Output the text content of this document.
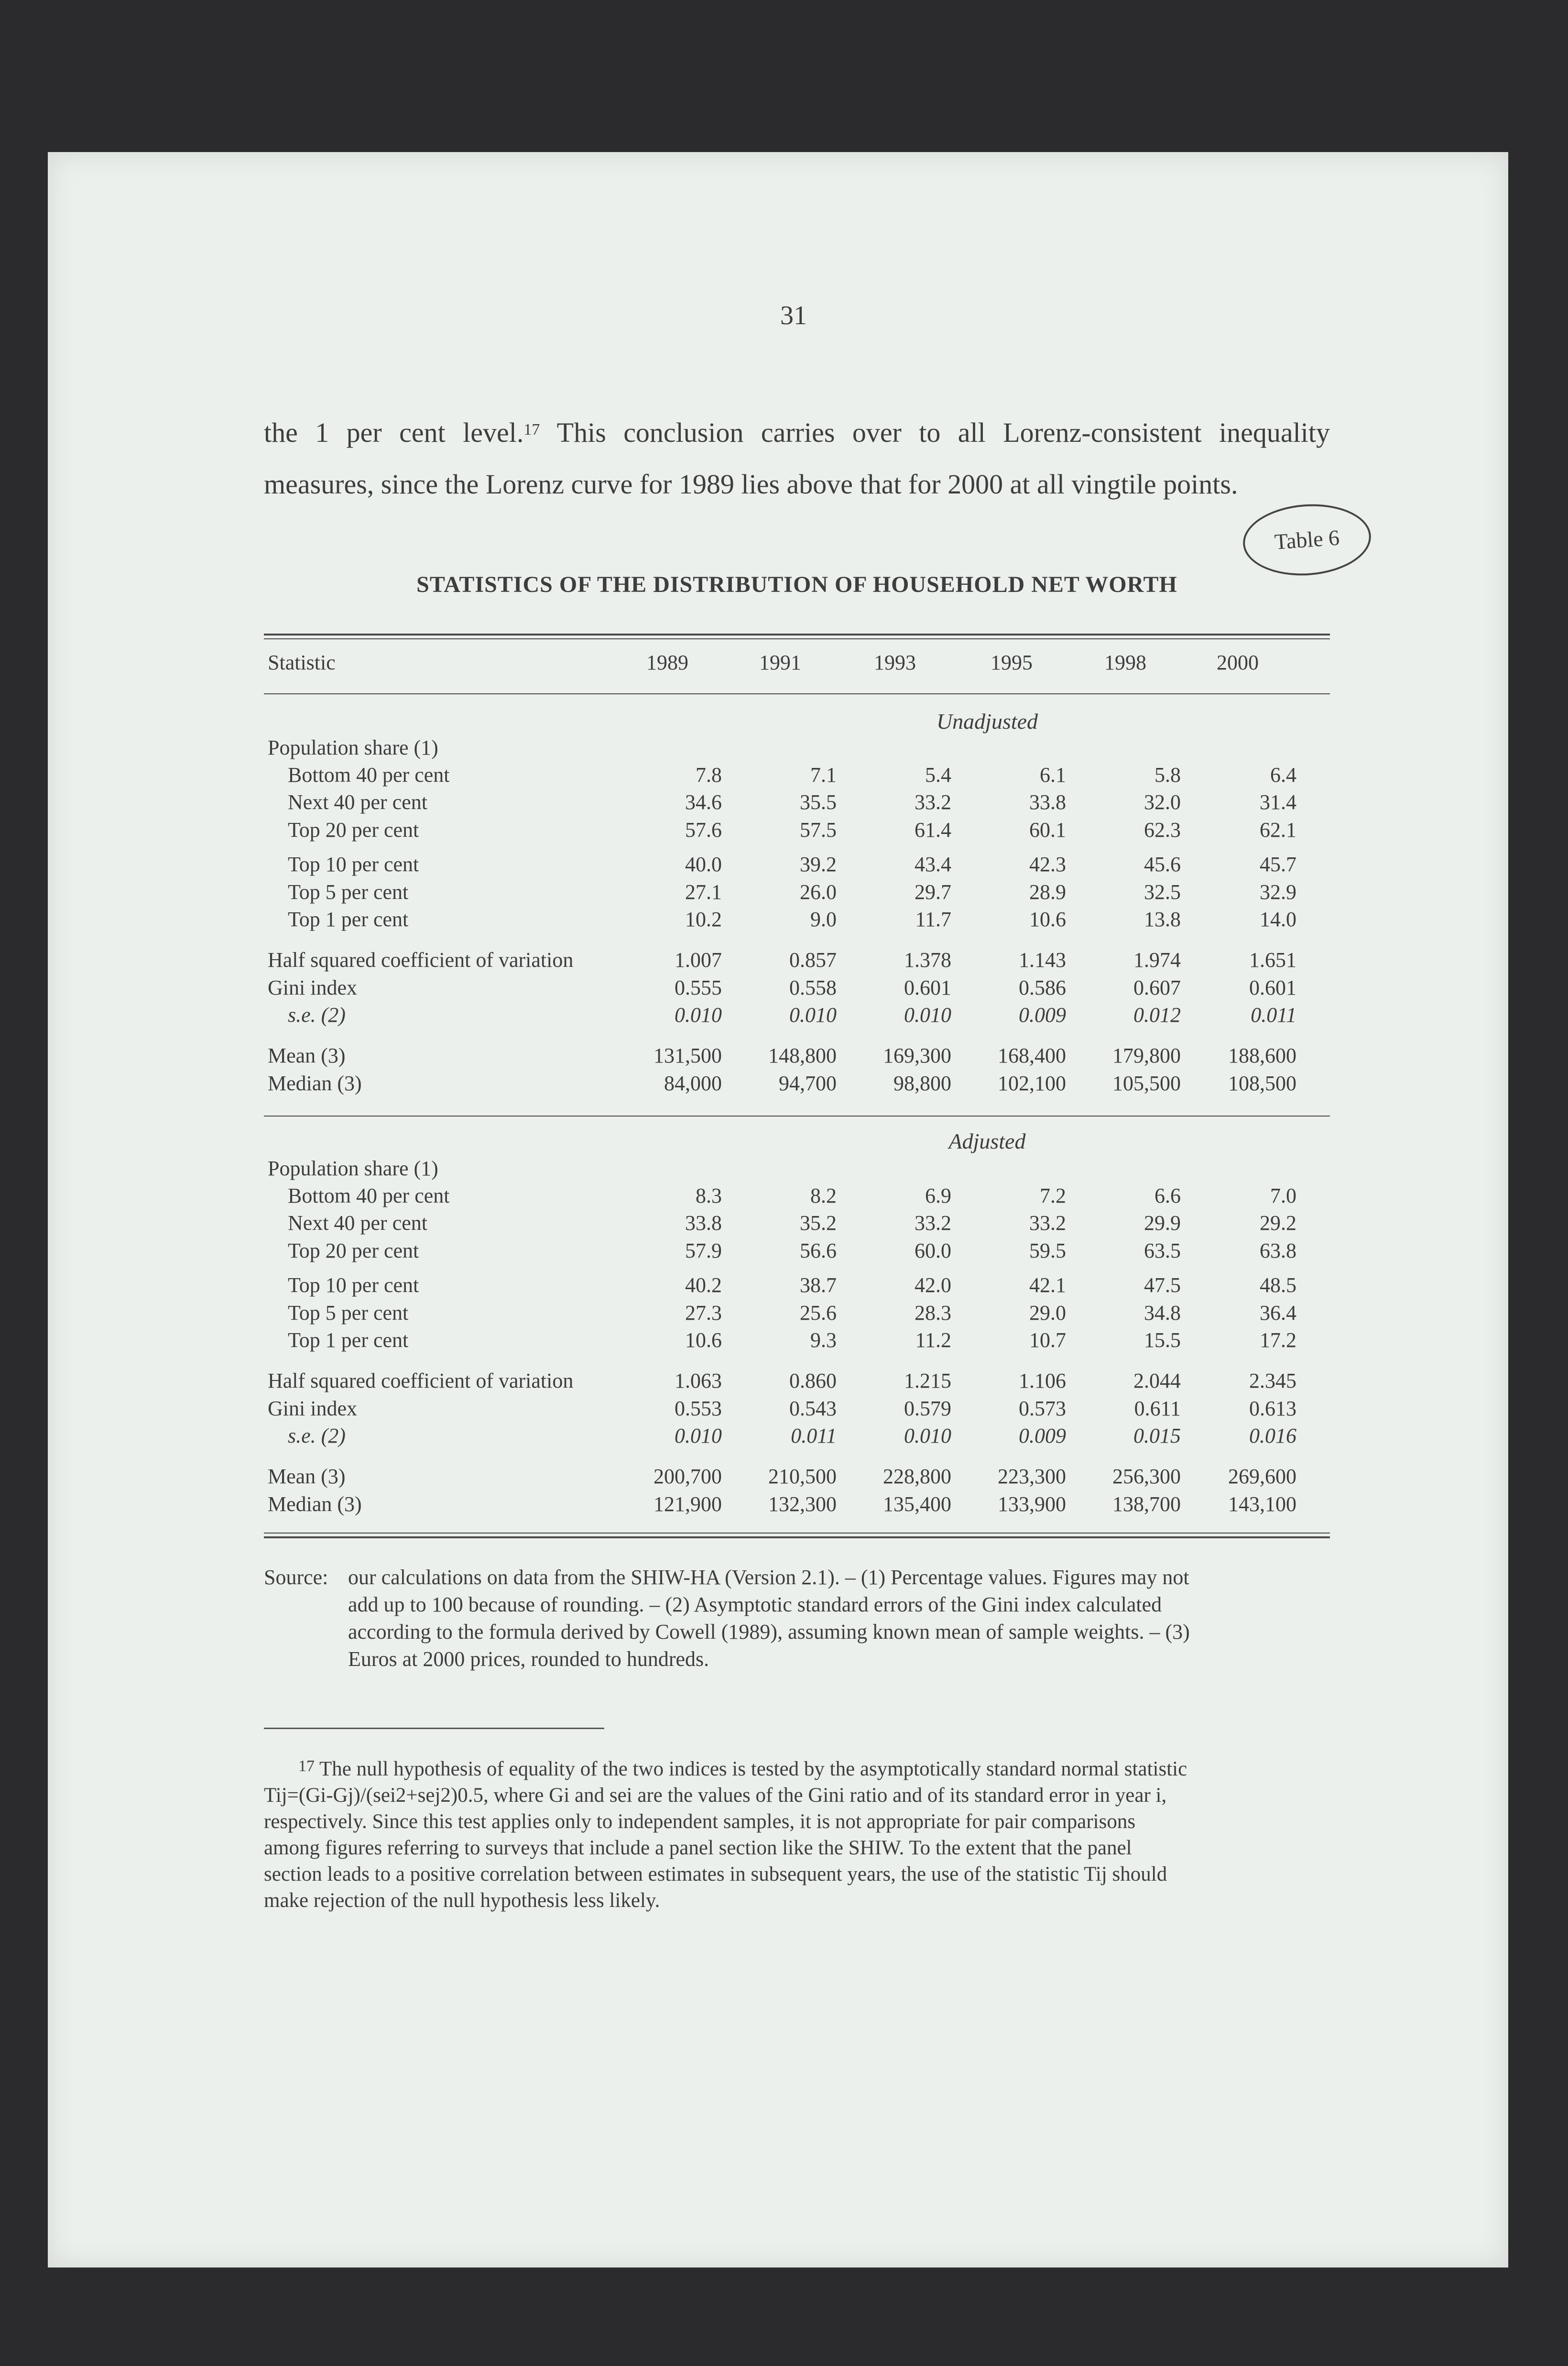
31
the 1 per cent level.$^{17}$ This conclusion carries over to all Lorenz-consistent inequality
measures, since the Lorenz curve for 1989 lies above that for 2000 at all vingtile points.
Table 6
STATISTICS OF THE DISTRIBUTION OF HOUSEHOLD NET WORTH
Statistic	1989	1991	1993	1995	1998	2000
Unadjusted
Adjusted
Population share (1)
Population share (1)
Bottom 40 per cent	7.8	7.1	5.4	6.1	5.8	6.4
Next 40 per cent	34.6	35.5	33.2	33.8	32.0	31.4
Top 20 per cent	57.6	57.5	61.4	60.1	62.3	62.1
Top 10 per cent	40.0	39.2	43.4	42.3	45.6	45.7
Top 5 per cent	27.1	26.0	29.7	28.9	32.5	32.9
Top 1 per cent	10.2	9.0	11.7	10.6	13.8	14.0
Half squared coefficient of variation	1.007	0.857	1.378	1.143	1.974	1.651
Gini index	0.555	0.558	0.601	0.586	0.607	0.601
s.e. (2)	0.010	0.010	0.010	0.009	0.012	0.011
Mean (3)	131,500 148,800 169,300 168,400 179,800 188,600
Median (3)	84,000	94,700	98,800 102,100 105,500 108,500
Bottom 40 per cent	8.3	8.2	6.9	7.2	6.6	7.0
Next 40 per cent	33.8	35.2	33.2	33.2	29.9	29.2
Top 20 per cent	57.9	56.6	60.0	59.5	63.5	63.8
Top 10 per cent	40.2	38.7	42.0	42.1	47.5	48.5
Top 5 per cent	27.3	25.6	28.3	29.0	34.8	36.4
Top 1 per cent	10.6	9.3	11.2	10.7	15.5	17.2
Half squared coefficient of variation	1.063	0.860	1.215	1.106	2.044	2.345
Gini index	0.553	0.543	0.579	0.573	0.611	0.613
s.e. (2)	0.010	0.011	0.010	0.009	0.015	0.016
Mean (3)	200,700 210,500 228,800 223,300 256,300 269,600
Median (3)	121,900 132,300 135,400 133,900 138,700 143,100
Source: our calculations on data from the SHIW-HA (Version 2.1). – (1) Percentage values. Figures may not
add up to 100 because of rounding. – (2) Asymptotic standard errors of the Gini index calculated
according to the formula derived by Cowell (1989), assuming known mean of sample weights. – (3)
Euros at 2000 prices, rounded to hundreds.
$^{17}$ The null hypothesis of equality of the two indices is tested by the asymptotically standard normal statistic
Tij=(Gi-Gj)/(sei2+sej2)0.5, where Gi and sei are the values of the Gini ratio and of its standard error in year i,
respectively. Since this test applies only to independent samples, it is not appropriate for pair comparisons
among figures referring to surveys that include a panel section like the SHIW. To the extent that the panel
section leads to a positive correlation between estimates in subsequent years, the use of the statistic Tij should
make rejection of the null hypothesis less likely.
